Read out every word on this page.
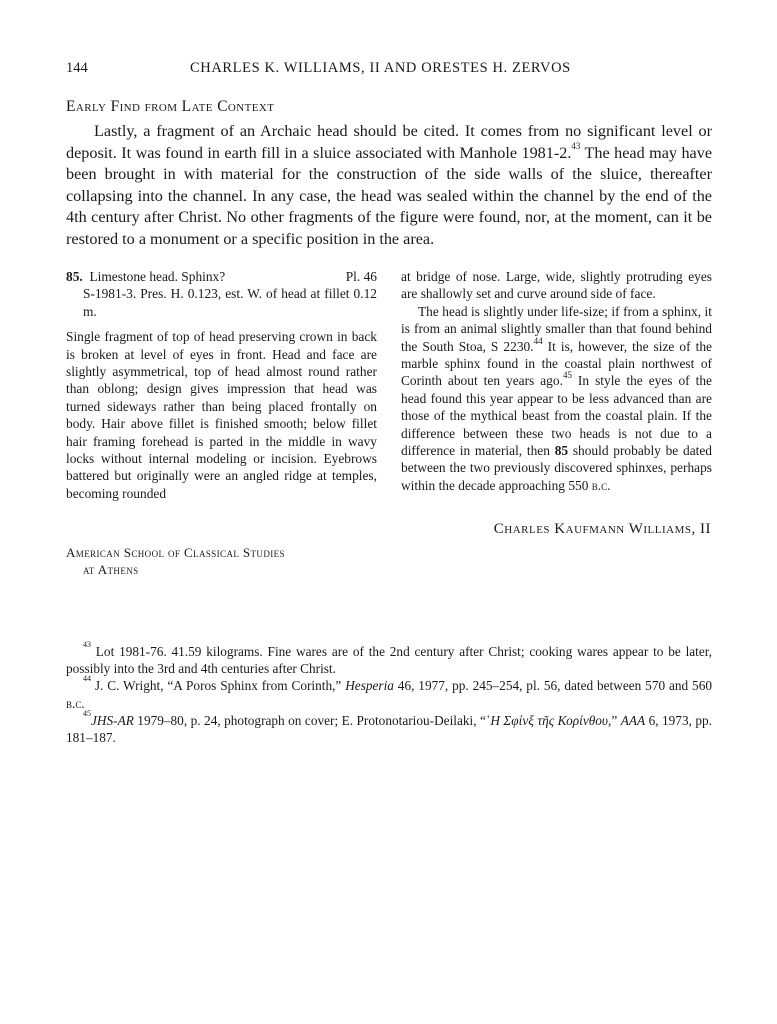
144	CHARLES K. WILLIAMS, II AND ORESTES H. ZERVOS
Early Find from Late Context

Lastly, a fragment of an Archaic head should be cited. It comes from no significant level or deposit. It was found in earth fill in a sluice associated with Manhole 1981-2.43 The head may have been brought in with material for the construction of the side walls of the sluice, thereafter collapsing into the channel. In any case, the head was sealed within the channel by the end of the 4th century after Christ. No other fragments of the figure were found, nor, at the moment, can it be restored to a monument or a specific position in the area.

85. Limestone head. Sphinx?	Pl. 46

S-1981-3. Pres. H. 0.123, est. W. of head at fillet 0.12 m.

Single fragment of top of head preserving crown in back is broken at level of eyes in front. Head and face are slightly asymmetrical, top of head almost round rather than oblong; design gives impression that head was turned sideways rather than being placed frontally on body. Hair above fillet is finished smooth; below fillet hair framing forehead is parted in the middle in wavy locks without internal modeling or incision. Eyebrows battered but originally were an angled ridge at temples, becoming rounded

at bridge of nose. Large, wide, slightly protruding eyes are shallowly set and curve around side of face.

The head is slightly under life-size; if from a sphinx, it is from an animal slightly smaller than that found behind the South Stoa, S 2230.44 It is, however, the size of the marble sphinx found in the coastal plain northwest of Corinth about ten years ago.$^{45}$ In style the eyes of the head found this year appear to be less advanced than are those of the mythical beast from the coastal plain. If the difference between these two heads is not due to a difference in material, then 85 should probably be dated between the two previously discovered sphinxes, perhaps within the decade approaching 550 b.c.

Charles Kaufmann Williams, II
American School of Classical Studies
at Athens

$^{43}$ Lot 1981-76. 41.59 kilograms. Fine wares are of the 2nd century after Christ; cooking wares appear to be later, possibly into the 3rd and 4th centuries after Christ.

$^{44}$ J. C. Wright, “A Poros Sphinx from Corinth,” Hesperia 46, 1977, pp. 245–254, pl. 56, dated between 570 and 560 b.c.

$^{45}$JHS-AR 1979–80, p. 24, photograph on cover; E. Protonotariou-Deilaki, “῾Η Σφίνξ τῆς Κορίνθου,” AAA 6, 1973, pp. 181–187.
